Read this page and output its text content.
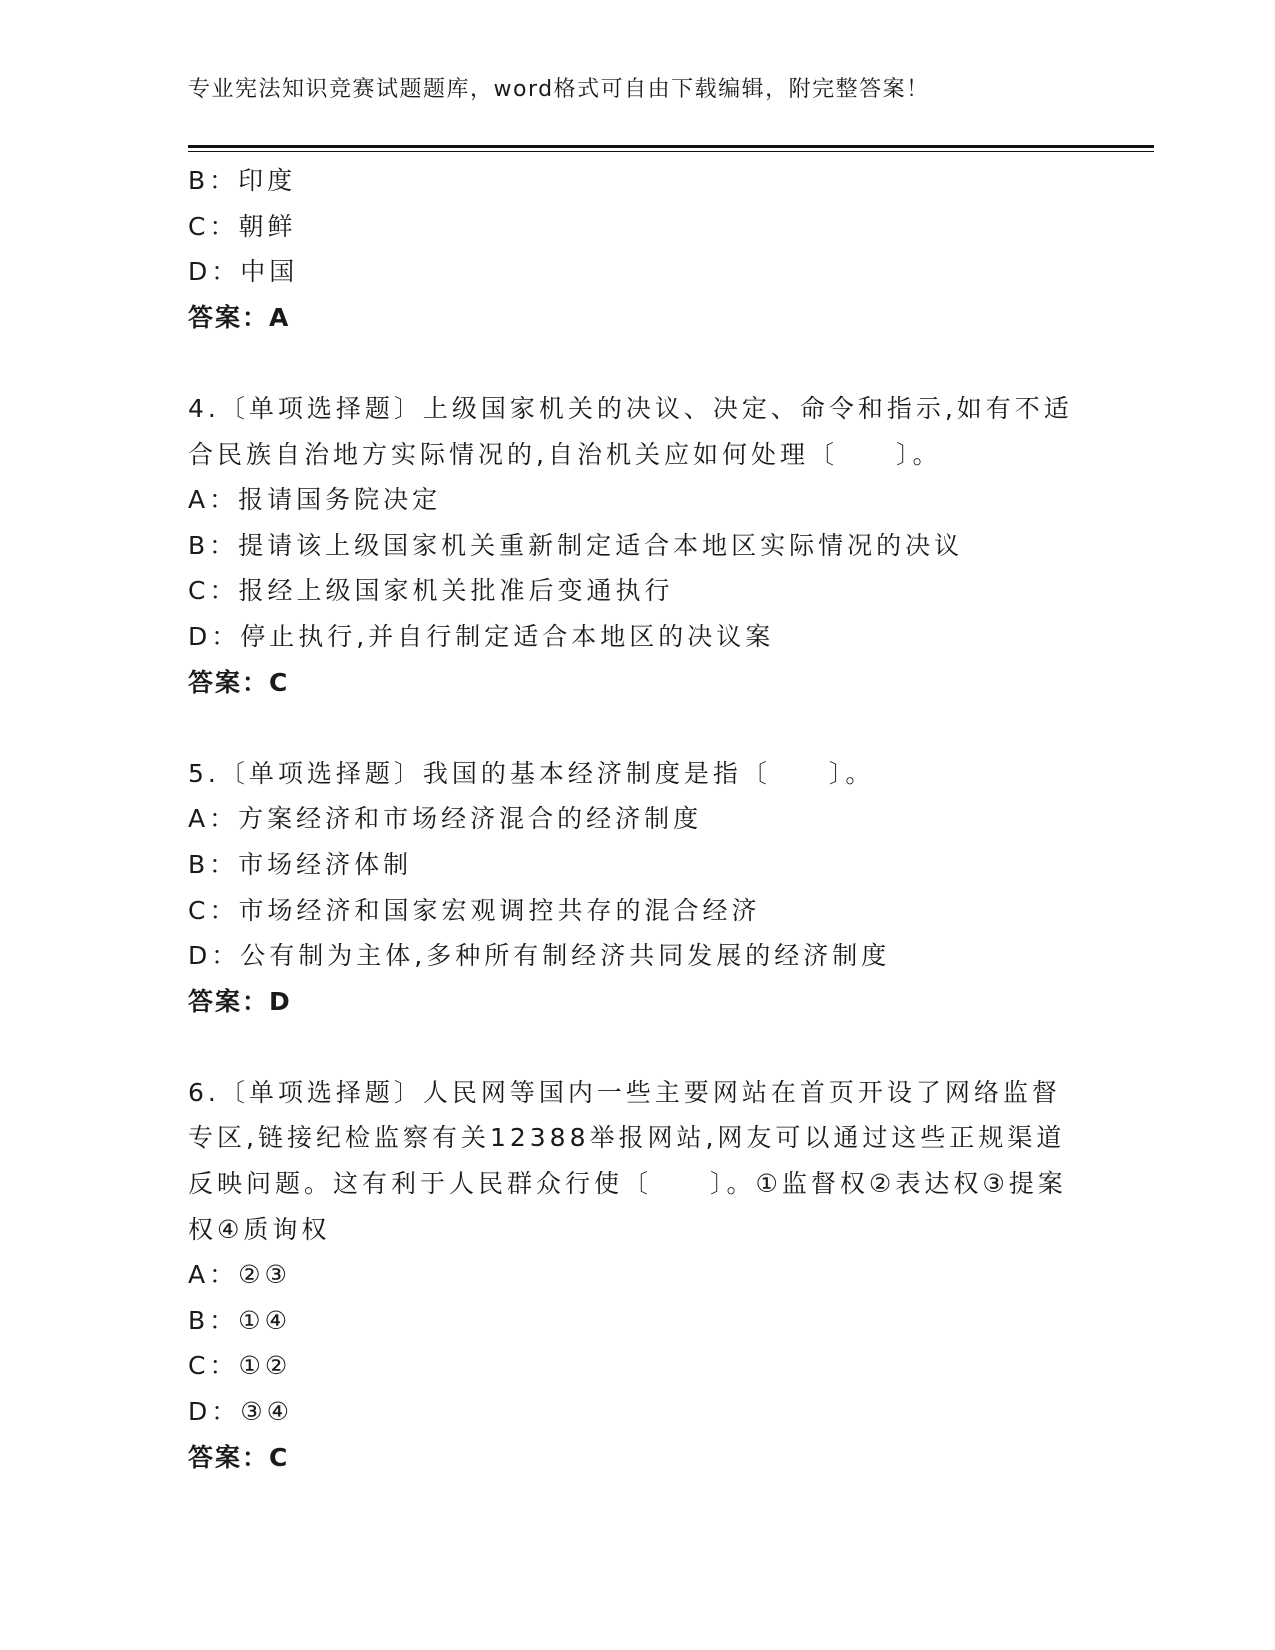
专业宪法知识竞赛试题题库，word格式可自由下载编辑，附完整答案！
B：印度
C：朝鲜
D：中国
答案：A
4.〔单项选择题〕上级国家机关的决议、决定、命令和指示,如有不适
合民族自治地方实际情况的,自治机关应如何处理〔　　〕。
A：报请国务院决定
B：提请该上级国家机关重新制定适合本地区实际情况的决议
C：报经上级国家机关批准后变通执行
D：停止执行,并自行制定适合本地区的决议案
答案：C
5.〔单项选择题〕我国的基本经济制度是指〔　　〕。
A：方案经济和市场经济混合的经济制度
B：市场经济体制
C：市场经济和国家宏观调控共存的混合经济
D：公有制为主体,多种所有制经济共同发展的经济制度
答案：D
6.〔单项选择题〕人民网等国内一些主要网站在首页开设了网络监督
专区,链接纪检监察有关12388举报网站,网友可以通过这些正规渠道
反映问题。这有利于人民群众行使〔　　〕。①监督权②表达权③提案
权④质询权
A：②③
B：①④
C：①②
D：③④
答案：C
